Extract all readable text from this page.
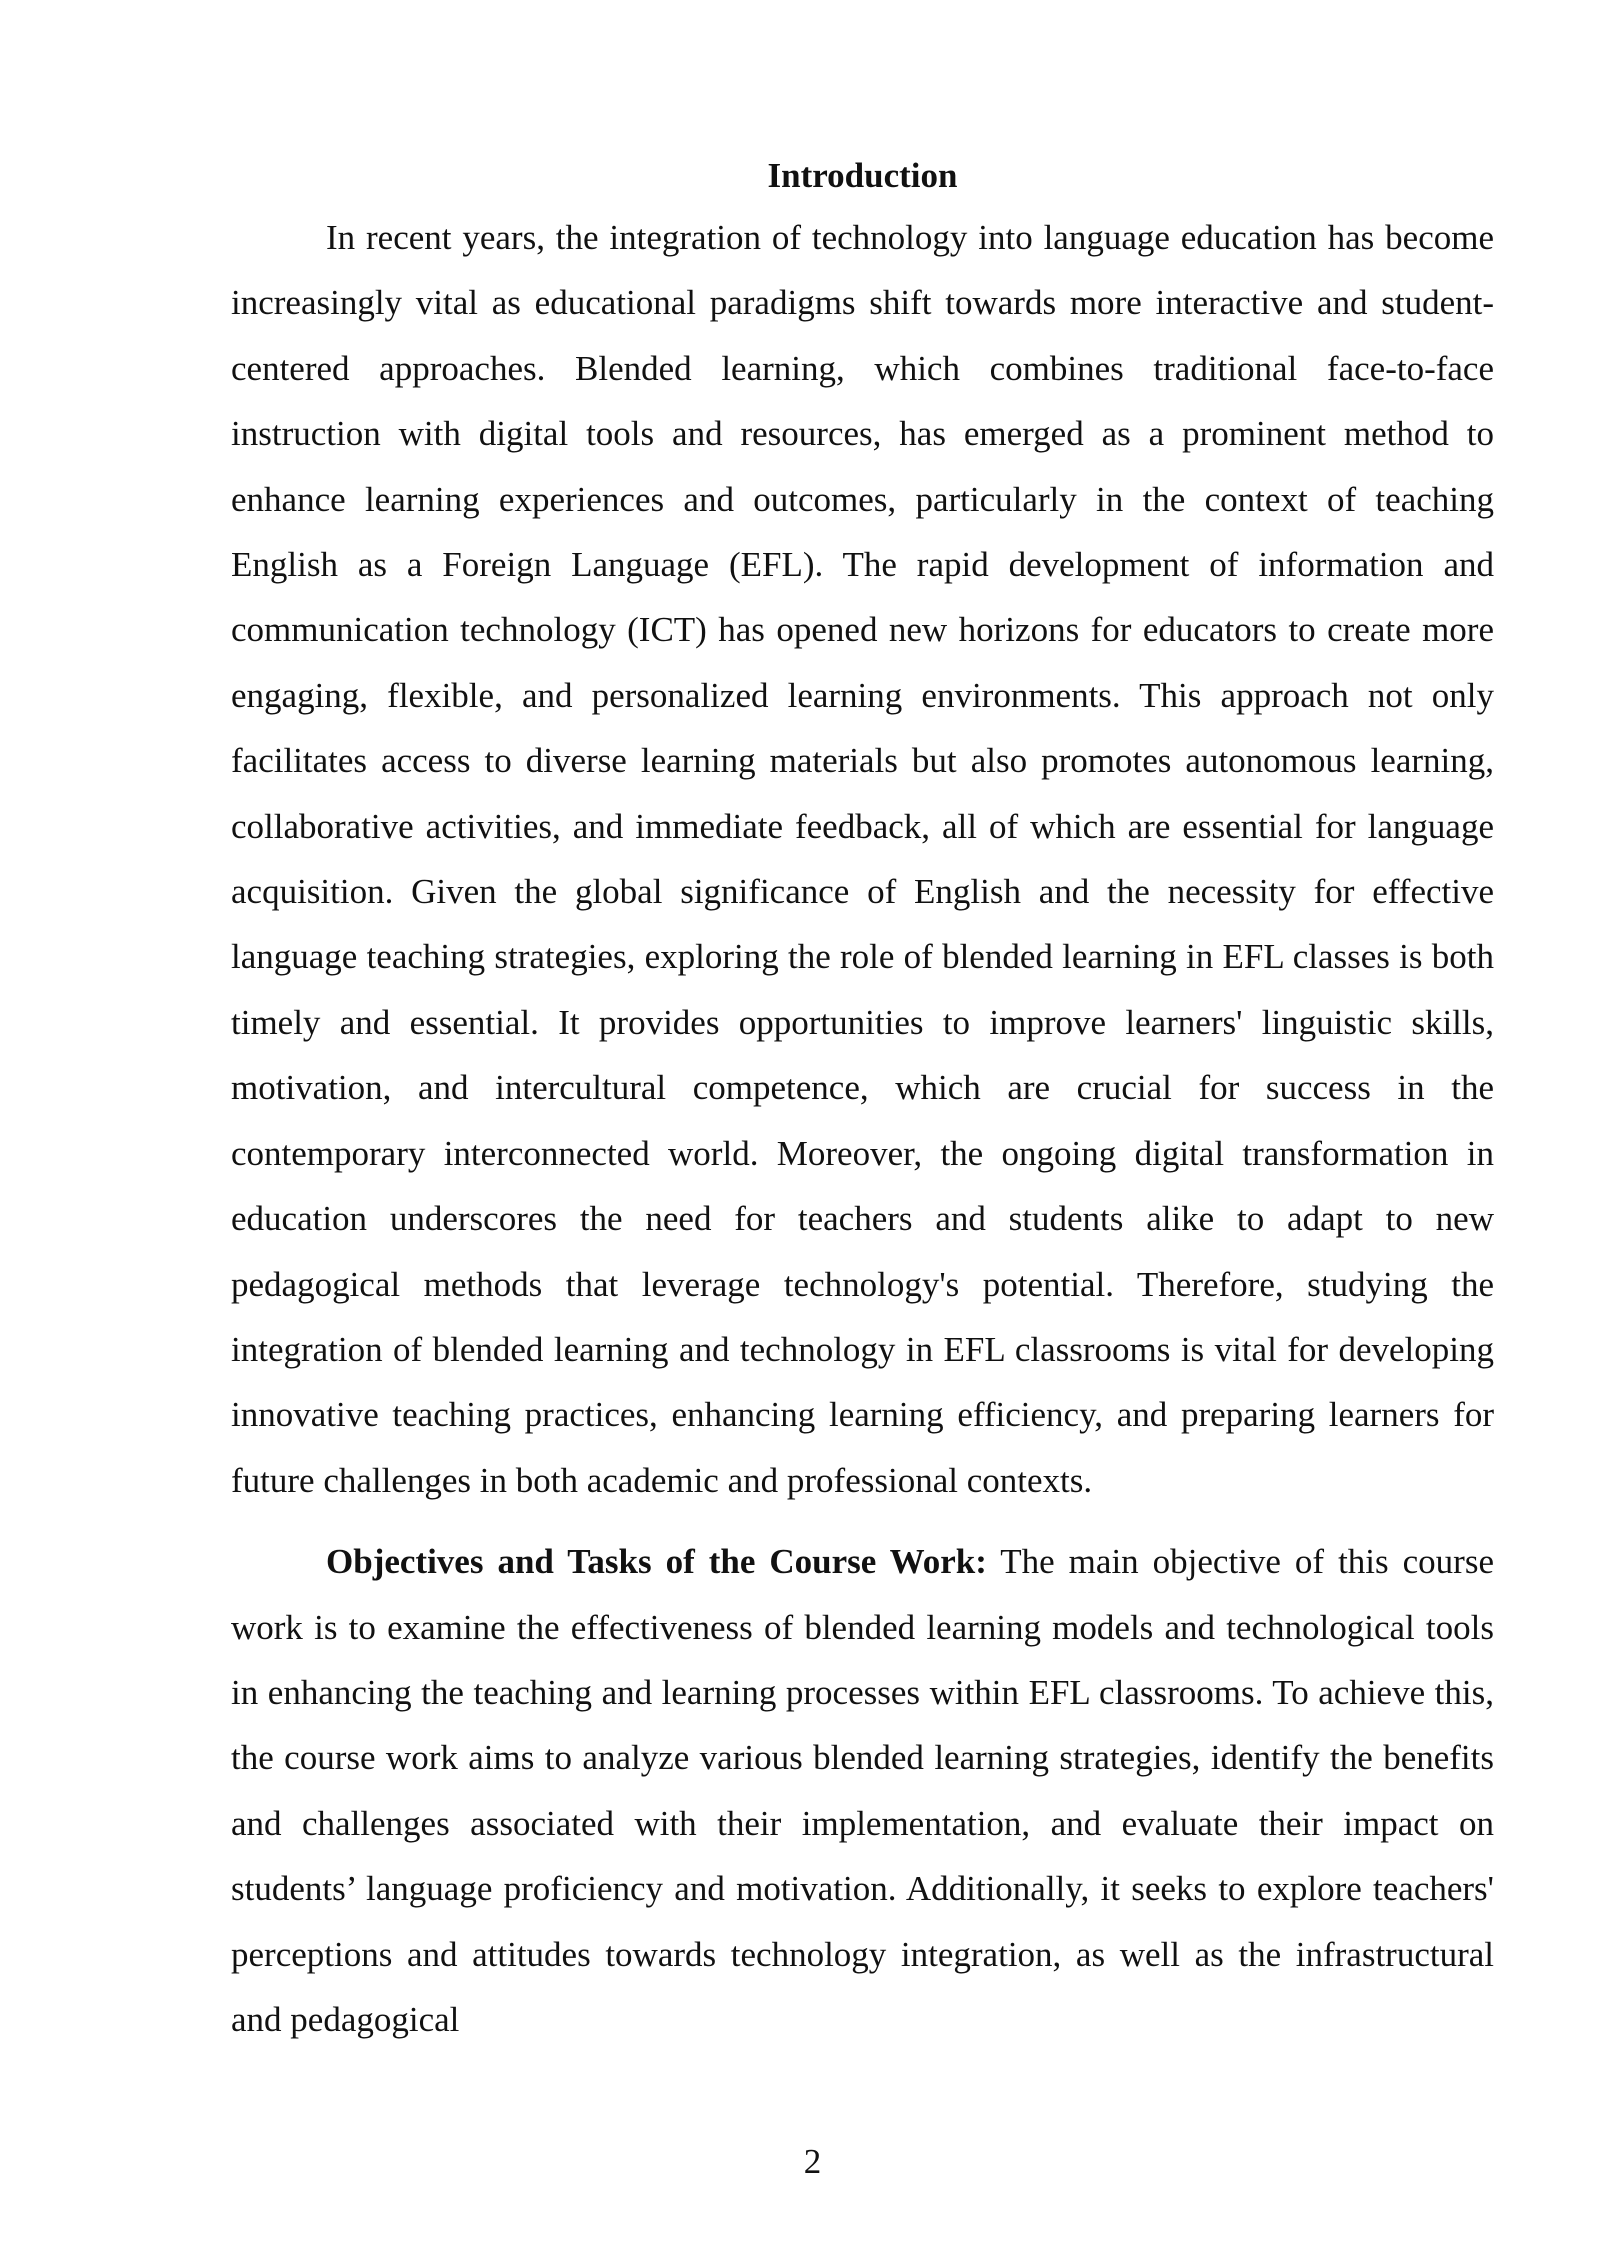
Introduction

In recent years, the integration of technology into language education has become increasingly vital as educational paradigms shift towards more interactive and student-centered approaches. Blended learning, which combines traditional face-to-face instruction with digital tools and resources, has emerged as a prominent method to enhance learning experiences and outcomes, particularly in the context of teaching English as a Foreign Language (EFL). The rapid development of information and communication technology (ICT) has opened new horizons for educators to create more engaging, flexible, and personalized learning environments. This approach not only facilitates access to diverse learning materials but also promotes autonomous learning, collaborative activities, and immediate feedback, all of which are essential for language acquisition. Given the global significance of English and the necessity for effective language teaching strategies, exploring the role of blended learning in EFL classes is both timely and essential. It provides opportunities to improve learners' linguistic skills, motivation, and intercultural competence, which are crucial for success in the contemporary interconnected world. Moreover, the ongoing digital transformation in education underscores the need for teachers and students alike to adapt to new pedagogical methods that leverage technology's potential. Therefore, studying the integration of blended learning and technology in EFL classrooms is vital for developing innovative teaching practices, enhancing learning efficiency, and preparing learners for future challenges in both academic and professional contexts.

Objectives and Tasks of the Course Work: The main objective of this course work is to examine the effectiveness of blended learning models and technological tools in enhancing the teaching and learning processes within EFL classrooms. To achieve this, the course work aims to analyze various blended learning strategies, identify the benefits and challenges associated with their implementation, and evaluate their impact on students’ language proficiency and motivation. Additionally, it seeks to explore teachers' perceptions and attitudes towards technology integration, as well as the infrastructural and pedagogical

2
